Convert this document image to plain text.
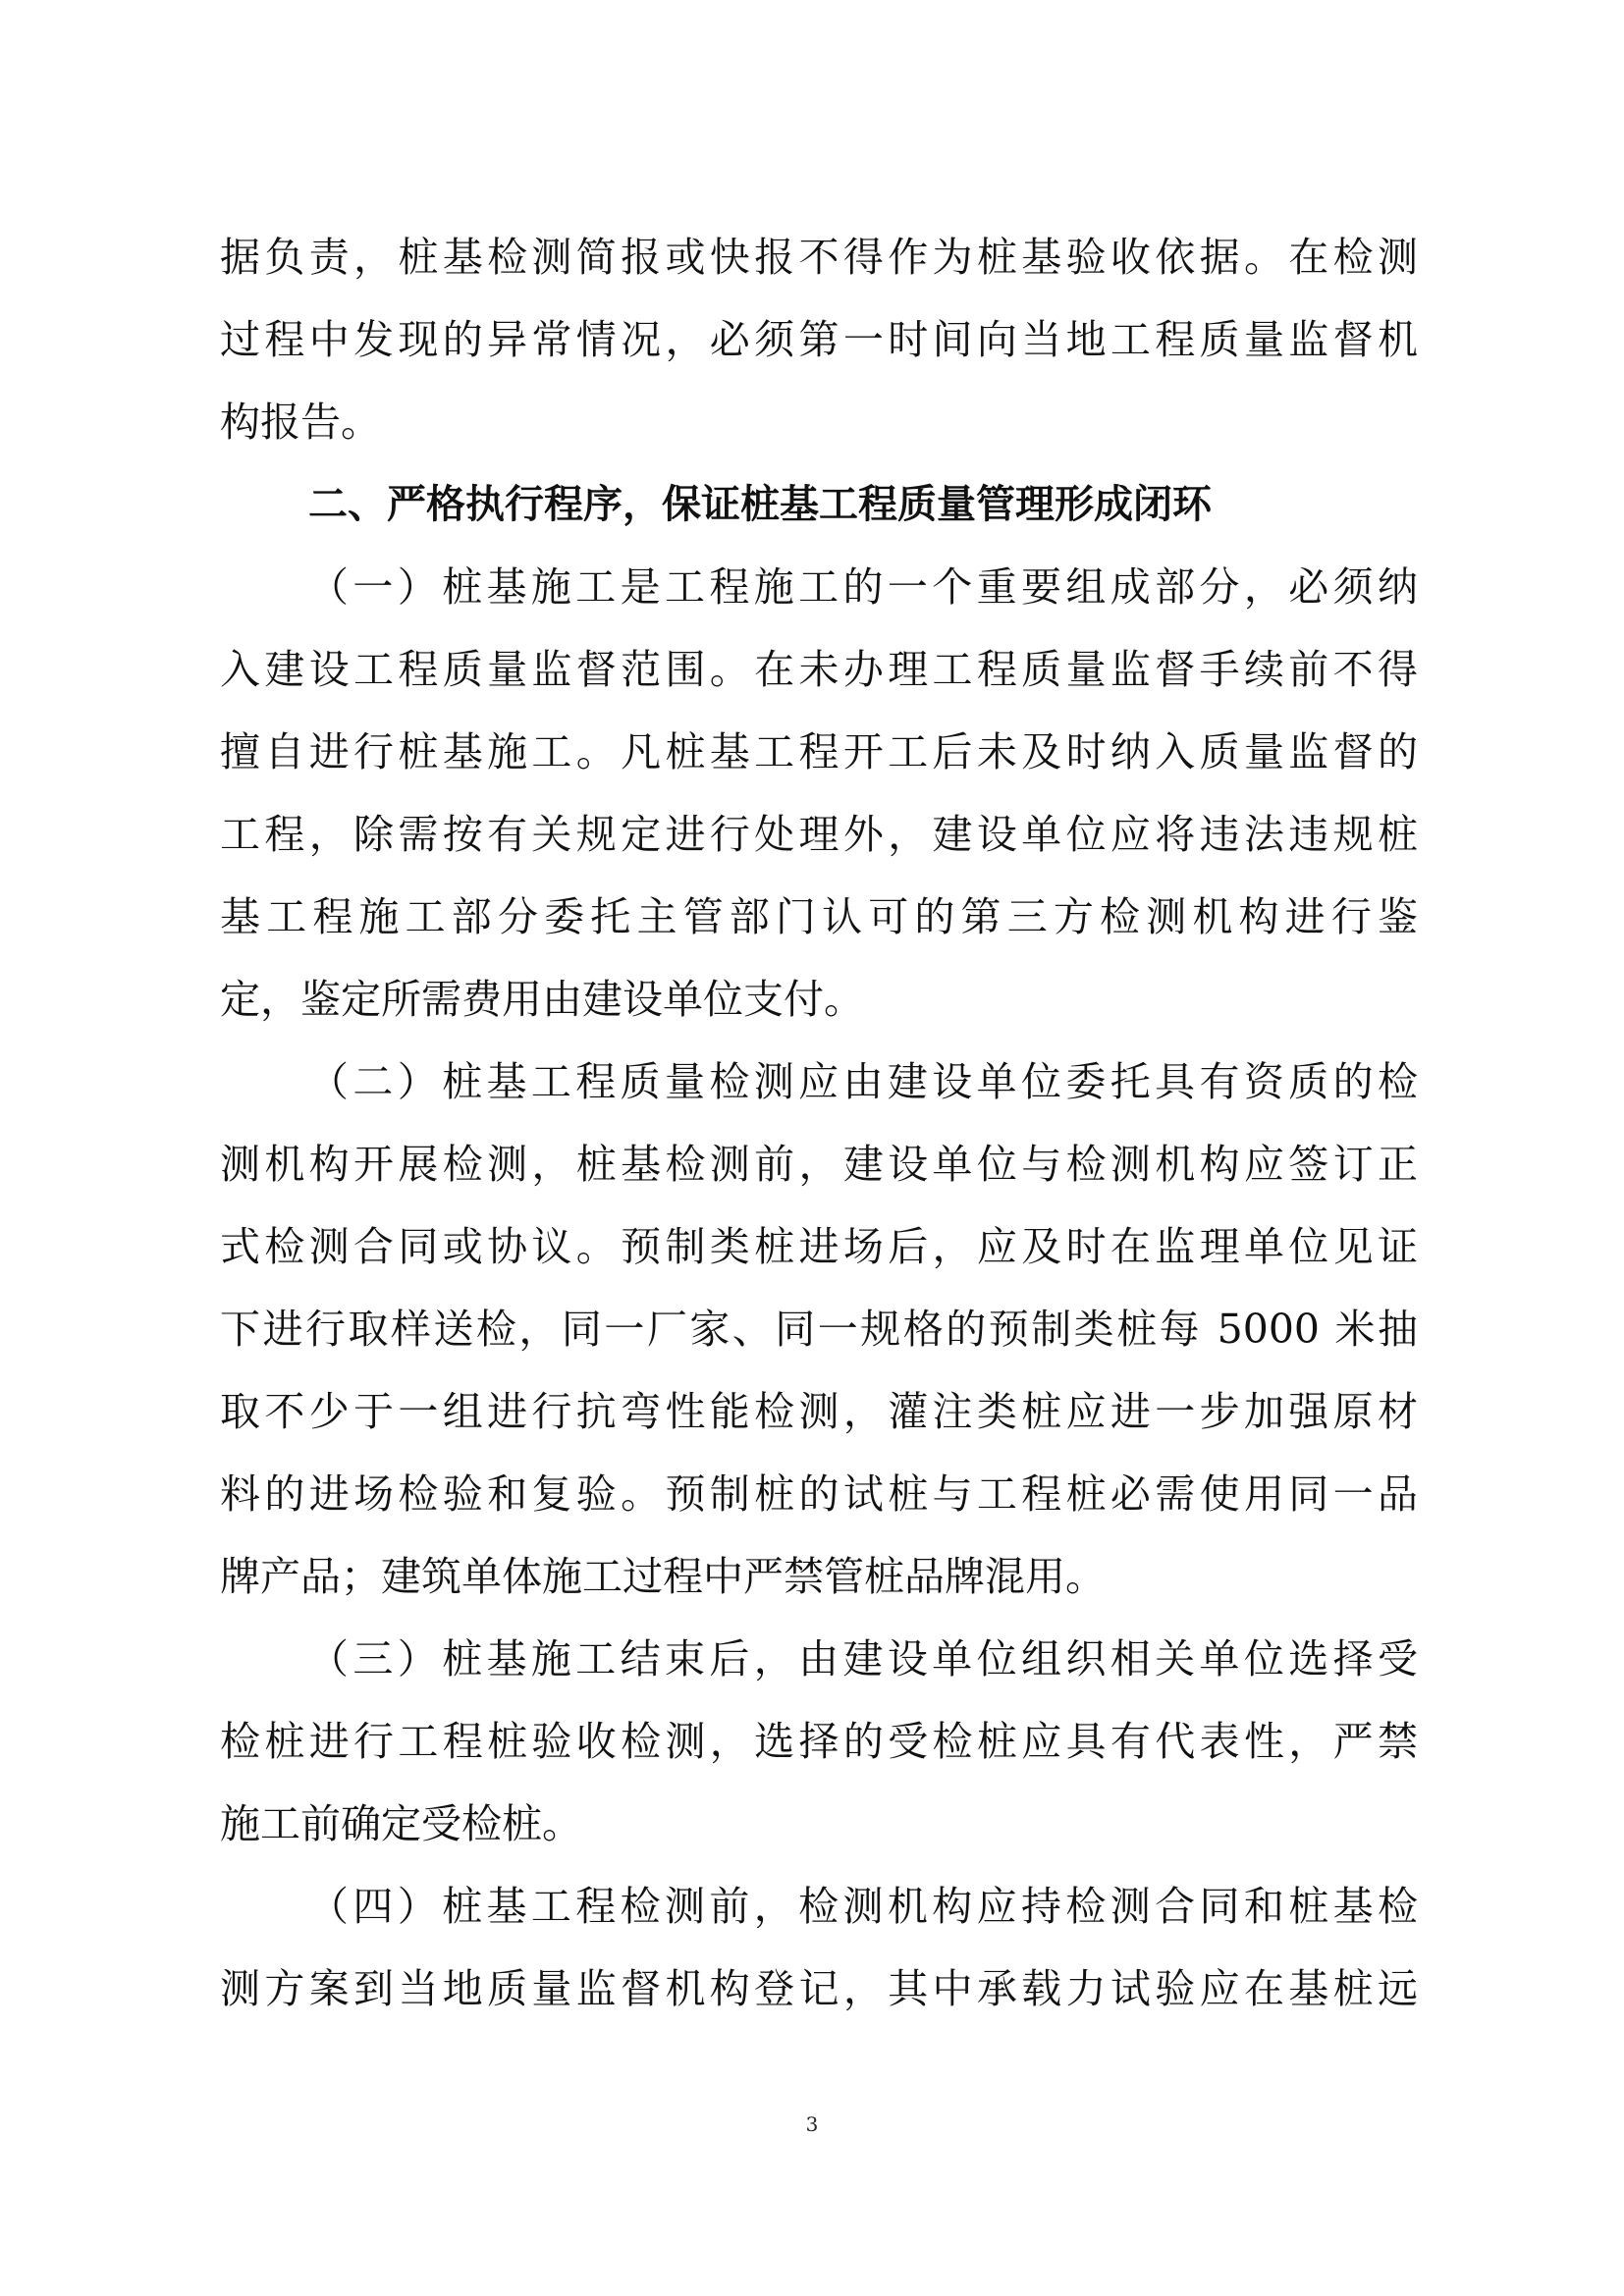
据负责，桩基检测简报或快报不得作为桩基验收依据。在检测
过程中发现的异常情况，必须第一时间向当地工程质量监督机
构报告。
二、严格执行程序，保证桩基工程质量管理形成闭环
（一）桩基施工是工程施工的一个重要组成部分，必须纳
入建设工程质量监督范围。在未办理工程质量监督手续前不得
擅自进行桩基施工。凡桩基工程开工后未及时纳入质量监督的
工程，除需按有关规定进行处理外，建设单位应将违法违规桩
基工程施工部分委托主管部门认可的第三方检测机构进行鉴
定，鉴定所需费用由建设单位支付。
（二）桩基工程质量检测应由建设单位委托具有资质的检
测机构开展检测，桩基检测前，建设单位与检测机构应签订正
式检测合同或协议。预制类桩进场后，应及时在监理单位见证
下进行取样送检，同一厂家、同一规格的预制类桩每 5000 米抽
取不少于一组进行抗弯性能检测，灌注类桩应进一步加强原材
料的进场检验和复验。预制桩的试桩与工程桩必需使用同一品
牌产品；建筑单体施工过程中严禁管桩品牌混用。
（三）桩基施工结束后，由建设单位组织相关单位选择受
检桩进行工程桩验收检测，选择的受检桩应具有代表性，严禁
施工前确定受检桩。
（四）桩基工程检测前，检测机构应持检测合同和桩基检
测方案到当地质量监督机构登记，其中承载力试验应在基桩远
3
